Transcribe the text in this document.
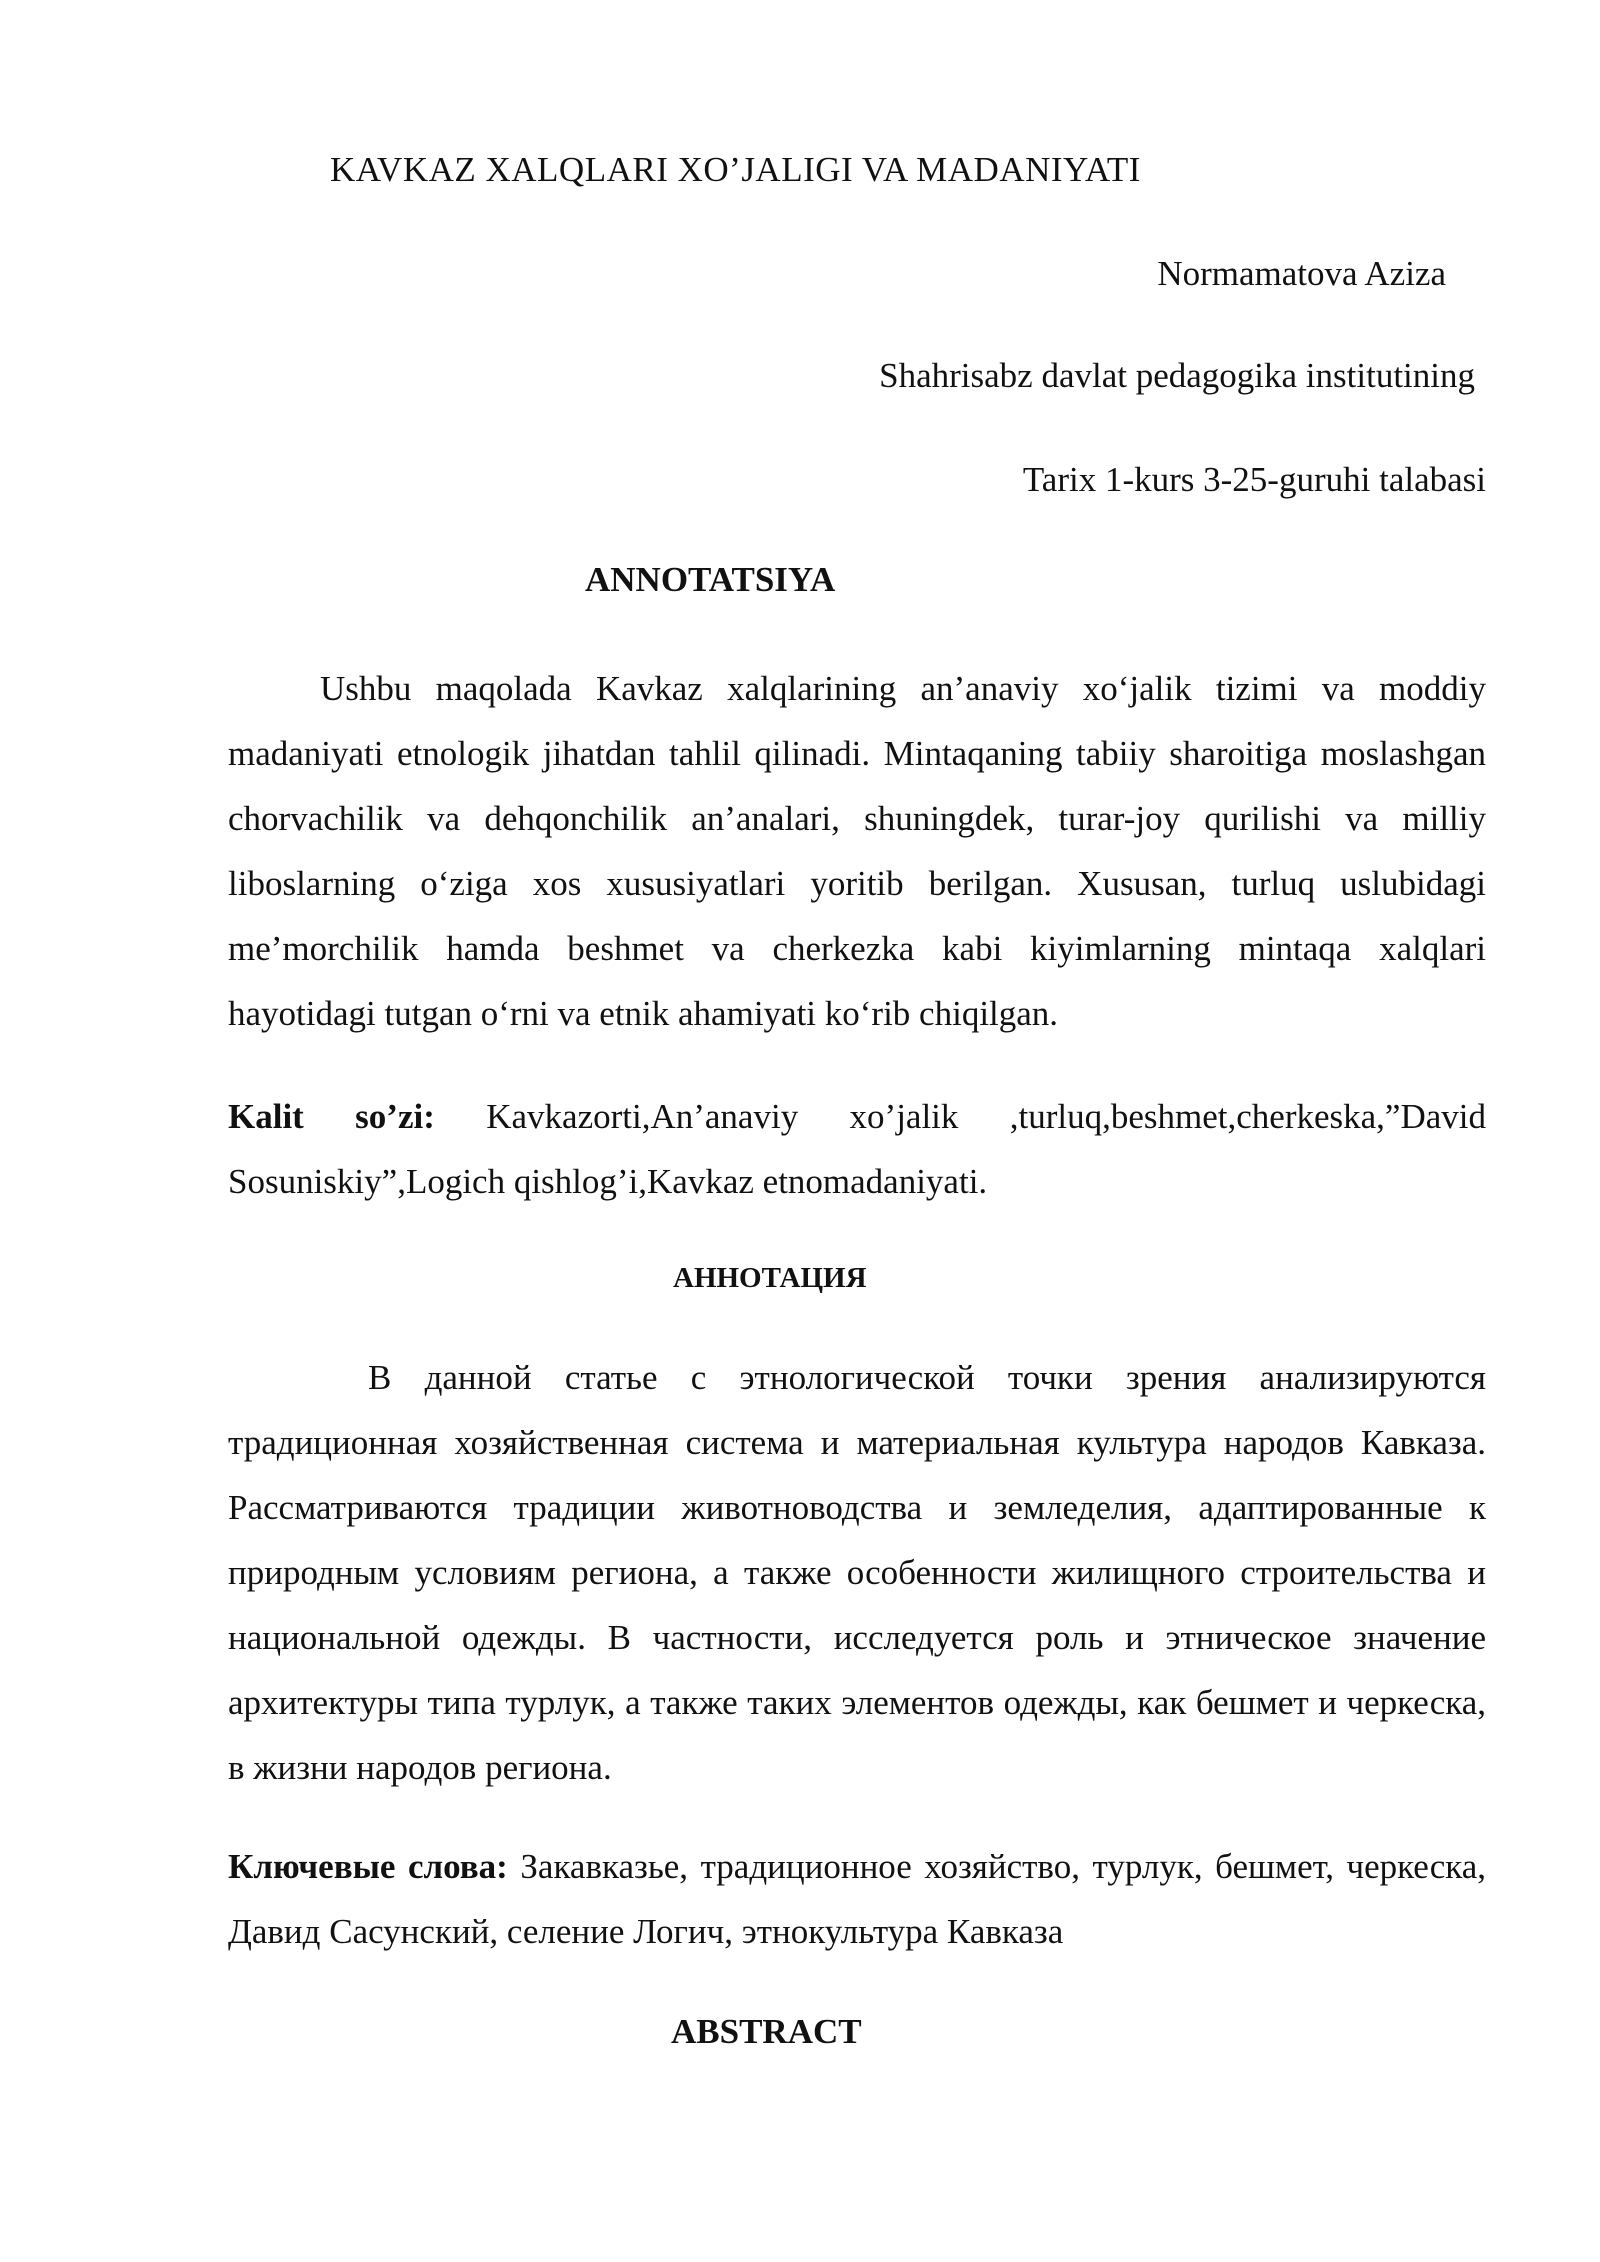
KAVKAZ XALQLARI XO’JALIGI VA MADANIYATI
Normamatova Aziza
Shahrisabz davlat pedagogika institutining
Tarix 1-kurs 3-25-guruhi talabasi
ANNOTATSIYA

Ushbu maqolada Kavkaz xalqlarining an’anaviy xo‘jalik tizimi va moddiy madaniyati etnologik jihatdan tahlil qilinadi. Mintaqaning tabiiy sharoitiga moslashgan chorvachilik va dehqonchilik an’analari, shuningdek, turar-joy qurilishi va milliy liboslarning o‘ziga xos xususiyatlari yoritib berilgan. Xususan, turluq uslubidagi me’morchilik hamda beshmet va cherkezka kabi kiyimlarning mintaqa xalqlari hayotidagi tutgan o‘rni va etnik ahamiyati ko‘rib chiqilgan.

Kalit so’zi: Kavkazorti,An’anaviy xo’jalik ,turluq,beshmet,cherkeska,”David Sosuniskiy”,Logich qishlog’i,Kavkaz etnomadaniyati.

АННОТАЦИЯ

В данной статье с этнологической точки зрения анализируются традиционная хозяйственная система и материальная культура народов Кавказа. Рассматриваются традиции животноводства и земледелия, адаптированные к природным условиям региона, а также особенности жилищного строительства и национальной одежды. В частности, исследуется роль и этническое значение архитектуры типа турлук, а также таких элементов одежды, как бешмет и черкеска, в жизни народов региона.

Ключевые слова: Закавказье, традиционное хозяйство, турлук, бешмет, черкеска, Давид Сасунский, селение Логич, этнокультура Кавказа

ABSTRACT
